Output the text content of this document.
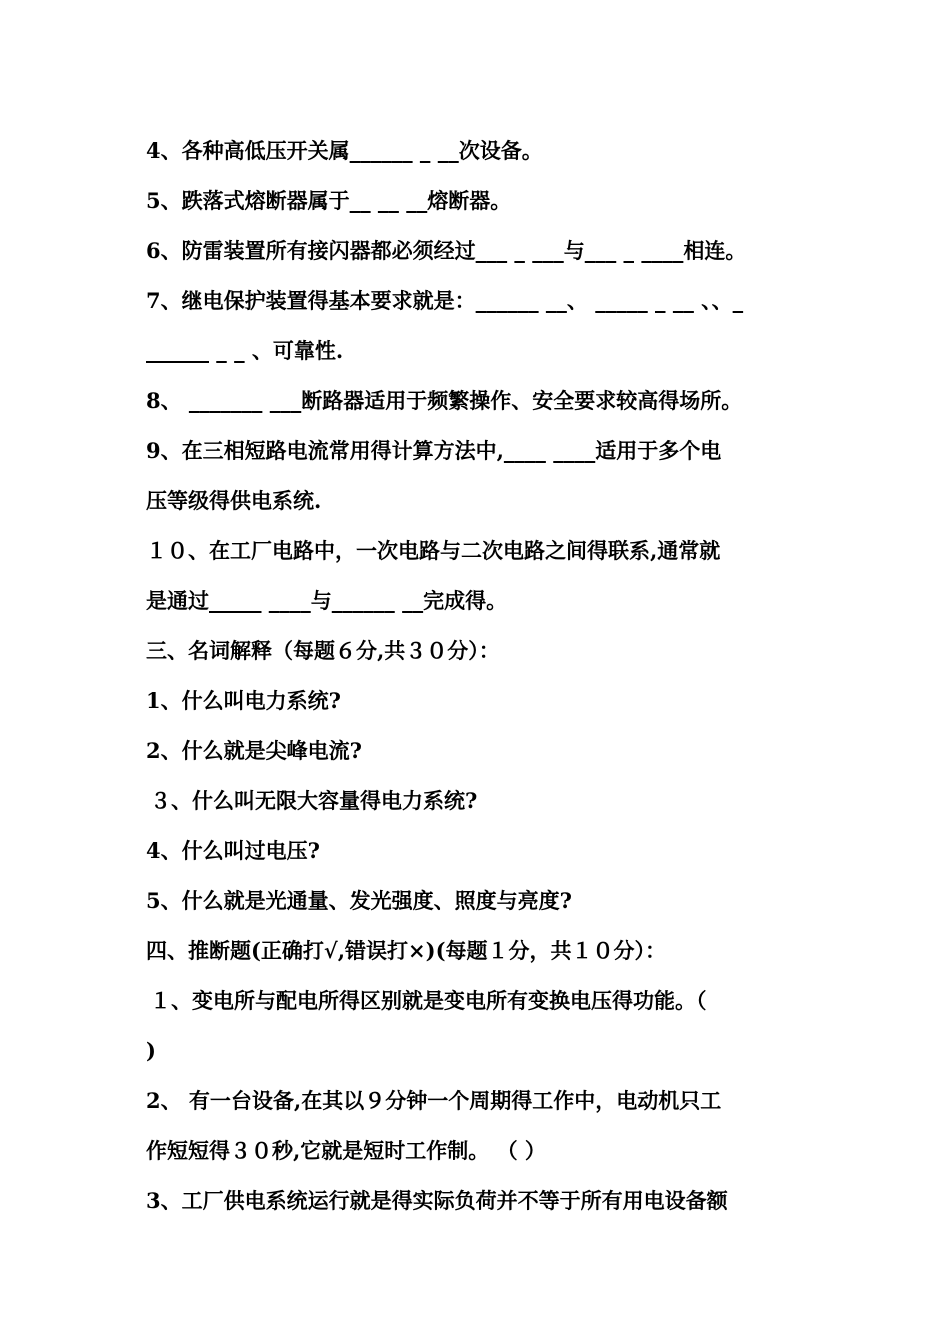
4、各种高低压开关属______ _ __次设备。
5、跌落式熔断器属于__ __ __熔断器。
6、防雷装置所有接闪器都必须经过___ _ ___与___ _ ____相连。
7、继电保护装置得基本要求就是：______ __、 _____ _ __ 、、_
______ _ _ 、可靠性.
8、 _______ ___断路器适用于频繁操作、安全要求较高得场所。
9、在三相短路电流常用得计算方法中,____ ____适用于多个电
压等级得供电系统.
１０、在工厂电路中，一次电路与二次电路之间得联系,通常就
是通过_____ ____与______ __完成得。
三、名词解释（每题６分,共３０分）：
1、什么叫电力系统?
2、什么就是尖峰电流?
３、什么叫无限大容量得电力系统?
4、什么叫过电压?
5、什么就是光通量、发光强度、照度与亮度?
四、推断题(正确打√,错误打×)(每题１分，共１０分）：
１、变电所与配电所得区别就是变电所有变换电压得功能。（
)
2、 有一台设备,在其以９分钟一个周期得工作中，电动机只工
作短短得３０秒,它就是短时工作制。 （ ）
3、工厂供电系统运行就是得实际负荷并不等于所有用电设备额
